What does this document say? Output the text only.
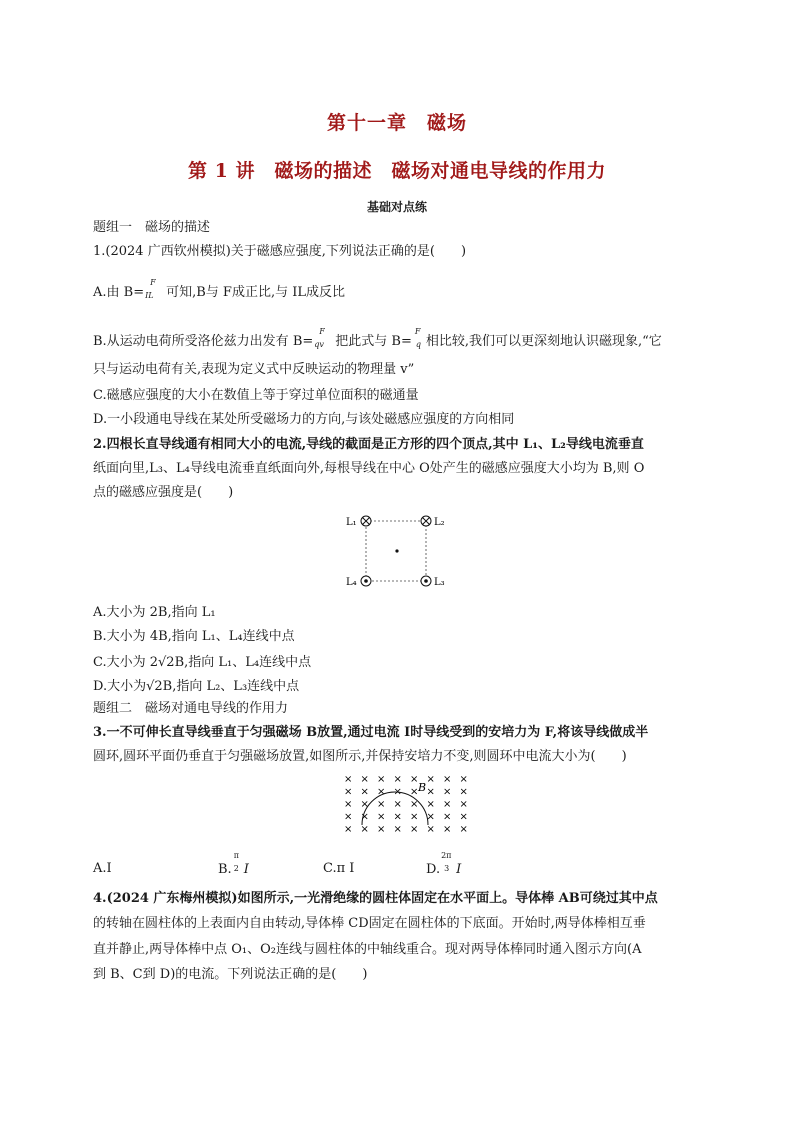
第十一章　磁场
第 1 讲　磁场的描述　磁场对通电导线的作用力
基础对点练
题组一　磁场的描述
1.(2024 广西钦州模拟)关于磁感应强度,下列说法正确的是(　　)
A.由 B=
F
IL 可知,B与 F成正比,与 IL成反比
B.从运动电荷所受洛伦兹力出发有 B=
F
qv 把此式与 B=
F
q 相比较,我们可以更深刻地认识磁现象,“它
只与运动电荷有关,表现为定义式中反映运动的物理量 v”
C.磁感应强度的大小在数值上等于穿过单位面积的磁通量
D.一小段通电导线在某处所受磁场力的方向,与该处磁感应强度的方向相同
2.四根长直导线通有相同大小的电流,导线的截面是正方形的四个顶点,其中 L₁、L₂导线电流垂直
纸面向里,L₃、L₄导线电流垂直纸面向外,每根导线在中心 O处产生的磁感应强度大小均为 B,则 O
点的磁感应强度是(　　)
L₁	L₂
L₄	L₃
A.大小为 2B,指向 L₁
B.大小为 4B,指向 L₁、L₄连线中点
C.大小为 2√2B,指向 L₁、L₄连线中点
D.大小为√2B,指向 L₂、L₃连线中点
题组二　磁场对通电导线的作用力
3.一不可伸长直导线垂直于匀强磁场 B放置,通过电流 I时导线受到的安培力为 F,将该导线做成半
圆环,圆环平面仍垂直于匀强磁场放置,如图所示,并保持安培力不变,则圆环中电流大小为(　　)
× × × × × × × ×
× × × × × × × ×
× × × × × × × ×
× × × × × × × ×
× × × × × × × ×
B
A.I	B.
π
2 I	C.π I	D.
2π
3 I
4.(2024 广东梅州模拟)如图所示,一光滑绝缘的圆柱体固定在水平面上。导体棒 AB可绕过其中点
的转轴在圆柱体的上表面内自由转动,导体棒 CD固定在圆柱体的下底面。开始时,两导体棒相互垂
直并静止,两导体棒中点 O₁、O₂连线与圆柱体的中轴线重合。现对两导体棒同时通入图示方向(A
到 B、C到 D)的电流。下列说法正确的是(　　)
